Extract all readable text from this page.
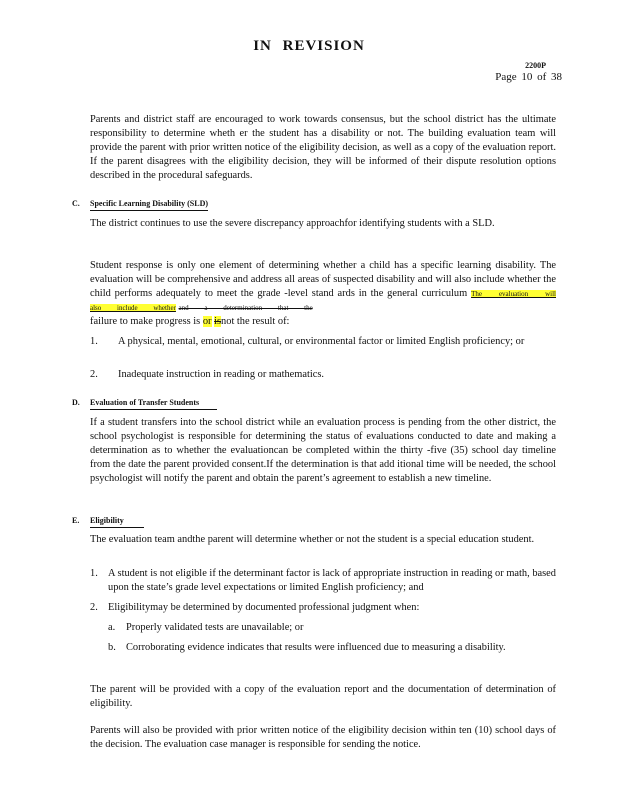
IN REVISION
2200P
Page 10 of 38
Parents and district staff are encouraged to work towards consensus, but the school district has the ultimate responsibility to determine wheth er the student has a disability or not. The building evaluation team will provide the parent with prior written notice of the eligibility decision, as well as a copy of the evaluation report. If the parent disagrees with the eligibility decision, they will be informed of their dispute resolution options described in the procedural safeguards.
C. Specific Learning Disability (SLD)
The district continues to use the severe discrepancy approachfor identifying students with a SLD.
Student response is only one element of determining whether a child has a specific learning disability. The evaluation will be comprehensive and address all areas of suspected disability and will also include whether the child performs adequately to meet the grade -level stand ards in the general curriculum The evaluation will also include whether and a determination that the
failure to make progress is or isnot the result of:
1. A physical, mental, emotional, cultural, or environmental factor or limited English proficiency; or
2. Inadequate instruction in reading or mathematics.
D. Evaluation of Transfer Students
If a student transfers into the school district while an evaluation process is pending from the other district, the school psychologist is responsible for determining the status of evaluations conducted to date and making a determination as to whether the evaluationcan be completed within the thirty -five (35) school day timeline from the date the parent provided consent.If the determination is that add itional time will be needed, the school psychologist will notify the parent and obtain the parent’s agreement to establish a new timeline.
E. Eligibility
The evaluation team andthe parent will determine whether or not the student is a special education student.
1. A student is not eligible if the determinant factor is lack of appropriate instruction in reading or math, based upon the state’s grade level expectations or limited English proficiency; and
2. Eligibilitymay be determined by documented professional judgment when:
a. Properly validated tests are unavailable; or
b. Corroborating evidence indicates that results were influenced due to measuring a disability.
The parent will be provided with a copy of the evaluation report and the documentation of determination of eligibility.
Parents will also be provided with prior written notice of the eligibility decision within ten (10) school days of the decision. The evaluation case manager is responsible for sending the notice.
